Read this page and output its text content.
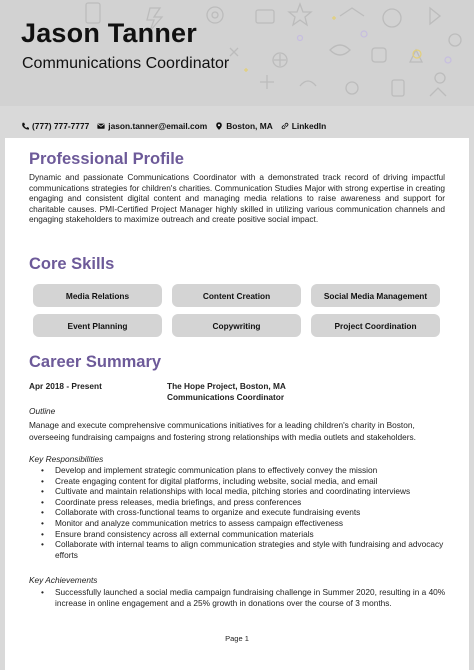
Jason Tanner
Communications Coordinator
(777) 777-7777 jason.tanner@email.com Boston, MA LinkedIn
Professional Profile
Dynamic and passionate Communications Coordinator with a demonstrated track record of driving impactful communications strategies for children's charities. Communication Studies Major with strong expertise in creating engaging and consistent digital content and managing media relations to raise awareness and support for charitable causes. PMI-Certified Project Manager highly skilled in utilizing various communication channels and engaging stakeholders to maximize outreach and create positive social impact.
Core Skills
Media Relations	Content Creation	Social Media Management
Event Planning	Copywriting	Project Coordination
Career Summary
Apr 2018 - Present	The Hope Project, Boston, MA
Communications Coordinator
Outline
Manage and execute comprehensive communications initiatives for a leading children's charity in Boston, overseeing fundraising campaigns and fostering strong relationships with media outlets and stakeholders.
Key Responsibilities
• Develop and implement strategic communication plans to effectively convey the mission
• Create engaging content for digital platforms, including website, social media, and email
• Cultivate and maintain relationships with local media, pitching stories and coordinating interviews
• Coordinate press releases, media briefings, and press conferences
• Collaborate with cross-functional teams to organize and execute fundraising events
• Monitor and analyze communication metrics to assess campaign effectiveness
• Ensure brand consistency across all external communication materials
• Collaborate with internal teams to align communication strategies and style with fundraising and advocacy efforts
Key Achievements
• Successfully launched a social media campaign fundraising challenge in Summer 2020, resulting in a 40% increase in online engagement and a 25% growth in donations over the course of 3 months.
Page 1
